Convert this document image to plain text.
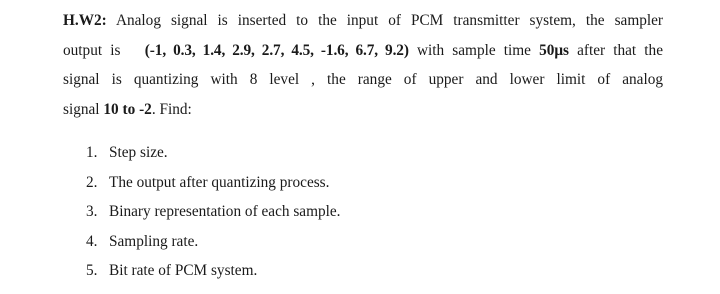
H.W2: Analog signal is inserted to the input of PCM transmitter system, the sampler
output is (-1, 0.3, 1.4, 2.9, 2.7, 4.5, -1.6, 6.7, 9.2) with sample time 50μs after that the
signal is quantizing with 8 level , the range of upper and lower limit of analog
signal 10 to -2. Find:

1. Step size.
2. The output after quantizing process.
3. Binary representation of each sample.
4. Sampling rate.
5. Bit rate of PCM system.
